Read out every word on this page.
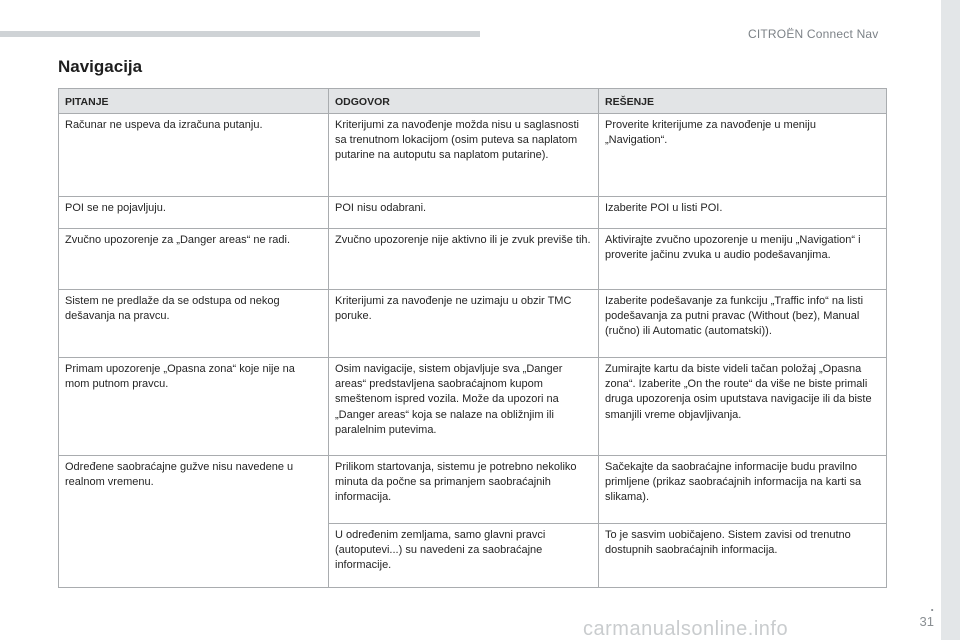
CITROËN Connect Nav
Navigacija
PITANJE	ODGOVOR	REŠENJE
Računar ne uspeva da izračuna putanju.	Kriterijumi za navođenje možda nisu u saglasnosti sa trenutnom lokacijom (osim puteva sa naplatom putarine na autoputu sa naplatom putarine).	Proverite kriterijume za navođenje u meniju „Navigation“.
POI se ne pojavljuju.	POI nisu odabrani.	Izaberite POI u listi POI.
Zvučno upozorenje za „Danger areas“ ne radi.	Zvučno upozorenje nije aktivno ili je zvuk previše tih.	Aktivirajte zvučno upozorenje u meniju „Navigation“ i proverite jačinu zvuka u audio podešavanjima.
Sistem ne predlaže da se odstupa od nekog dešavanja na pravcu.	Kriterijumi za navođenje ne uzimaju u obzir TMC poruke.	Izaberite podešavanje za funkciju „Traffic info“ na listi podešavanja za putni pravac (Without (bez), Manual (ručno) ili Automatic (automatski)).
Primam upozorenje „Opasna zona“ koje nije na mom putnom pravcu.	Osim navigacije, sistem objavljuje sva „Danger areas“ predstavljena saobraćajnom kupom smeštenom ispred vozila. Može da upozori na „Danger areas“ koja se nalaze na obližnjim ili paralelnim putevima.	Zumirajte kartu da biste videli tačan položaj „Opasna zona“. Izaberite „On the route“ da više ne biste primali druga upozorenja osim uputstava navigacije ili da biste smanjili vreme objavljivanja.
Određene saobraćajne gužve nisu navedene u realnom vremenu.	Prilikom startovanja, sistemu je potrebno nekoliko minuta da počne sa primanjem saobraćajnih informacija.	Sačekajte da saobraćajne informacije budu pravilno primljene (prikaz saobraćajnih informacija na karti sa slikama).
	U određenim zemljama, samo glavni pravci (autoputevi...) su navedeni za saobraćajne informacije.	To je sasvim uobičajeno. Sistem zavisi od trenutno dostupnih saobraćajnih informacija.
.
31
carmanualsonline.info
